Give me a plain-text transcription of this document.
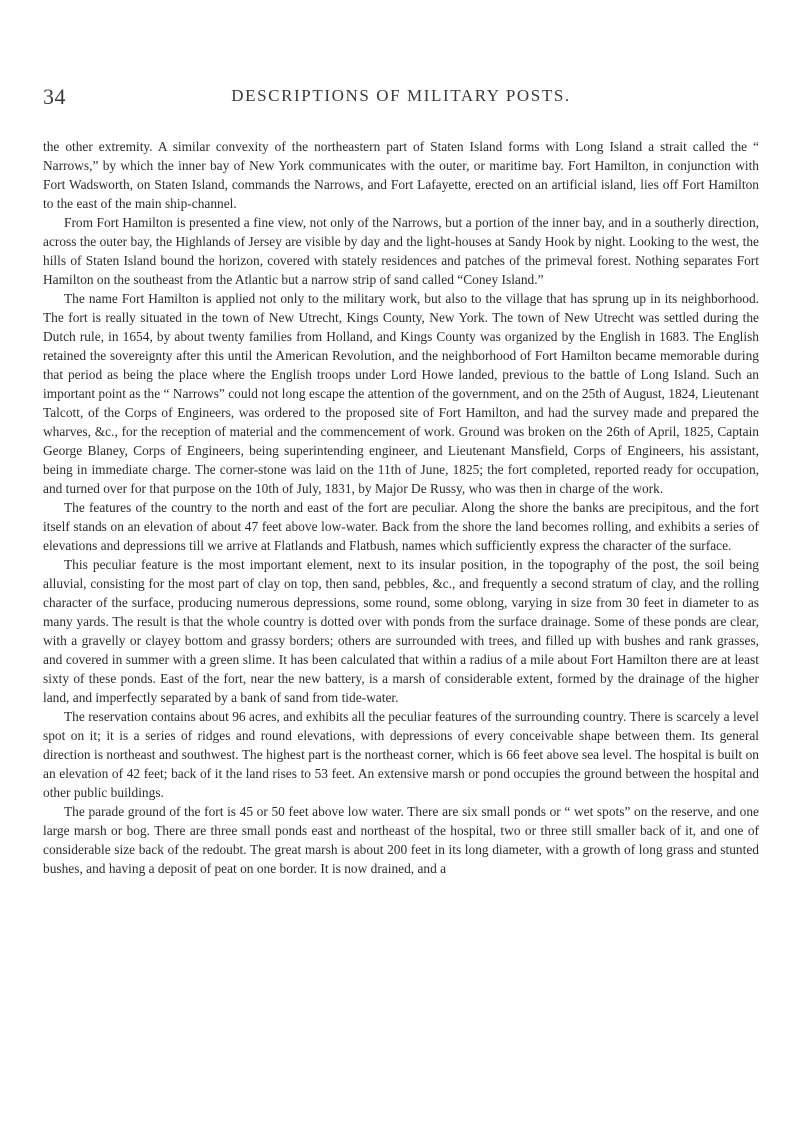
34	DESCRIPTIONS OF MILITARY POSTS.

the other extremity. A similar convexity of the northeastern part of Staten Island forms with Long Island a strait called the “ Narrows,” by which the inner bay of New York communicates with the outer, or maritime bay. Fort Hamilton, in conjunction with Fort Wadsworth, on Staten Island, commands the Narrows, and Fort Lafayette, erected on an artificial island, lies off Fort Hamilton to the east of the main ship-channel.

From Fort Hamilton is presented a fine view, not only of the Narrows, but a portion of the inner bay, and in a southerly direction, across the outer bay, the Highlands of Jersey are visible by day and the light-houses at Sandy Hook by night. Looking to the west, the hills of Staten Island bound the horizon, covered with stately residences and patches of the primeval forest. Nothing separates Fort Hamilton on the southeast from the Atlantic but a narrow strip of sand called “Coney Island.”

The name Fort Hamilton is applied not only to the military work, but also to the village that has sprung up in its neighborhood. The fort is really situated in the town of New Utrecht, Kings County, New York. The town of New Utrecht was settled during the Dutch rule, in 1654, by about twenty families from Holland, and Kings County was organized by the English in 1683. The English retained the sovereignty after this until the American Revolution, and the neighborhood of Fort Hamilton became memorable during that period as being the place where the English troops under Lord Howe landed, previous to the battle of Long Island. Such an important point as the “ Narrows” could not long escape the attention of the government, and on the 25th of August, 1824, Lieutenant Talcott, of the Corps of Engineers, was ordered to the proposed site of Fort Hamilton, and had the survey made and prepared the wharves, &c., for the reception of material and the commencement of work. Ground was broken on the 26th of April, 1825, Captain George Blaney, Corps of Engineers, being superintending engineer, and Lieutenant Mansfield, Corps of Engineers, his assistant, being in immediate charge. The corner-stone was laid on the 11th of June, 1825; the fort completed, reported ready for occupation, and turned over for that purpose on the 10th of July, 1831, by Major De Russy, who was then in charge of the work.

The features of the country to the north and east of the fort are peculiar. Along the shore the banks are precipitous, and the fort itself stands on an elevation of about 47 feet above low-water. Back from the shore the land becomes rolling, and exhibits a series of elevations and depressions till we arrive at Flatlands and Flatbush, names which sufficiently express the character of the surface.

This peculiar feature is the most important element, next to its insular position, in the topography of the post, the soil being alluvial, consisting for the most part of clay on top, then sand, pebbles, &c., and frequently a second stratum of clay, and the rolling character of the surface, producing numerous depressions, some round, some oblong, varying in size from 30 feet in diameter to as many yards. The result is that the whole country is dotted over with ponds from the surface drainage. Some of these ponds are clear, with a gravelly or clayey bottom and grassy borders; others are surrounded with trees, and filled up with bushes and rank grasses, and covered in summer with a green slime. It has been calculated that within a radius of a mile about Fort Hamilton there are at least sixty of these ponds. East of the fort, near the new battery, is a marsh of considerable extent, formed by the drainage of the higher land, and imperfectly separated by a bank of sand from tide-water.

The reservation contains about 96 acres, and exhibits all the peculiar features of the surrounding country. There is scarcely a level spot on it; it is a series of ridges and round elevations, with depressions of every conceivable shape between them. Its general direction is northeast and southwest. The highest part is the northeast corner, which is 66 feet above sea level. The hospital is built on an elevation of 42 feet; back of it the land rises to 53 feet. An extensive marsh or pond occupies the ground between the hospital and other public buildings.

The parade ground of the fort is 45 or 50 feet above low water. There are six small ponds or “ wet spots” on the reserve, and one large marsh or bog. There are three small ponds east and northeast of the hospital, two or three still smaller back of it, and one of considerable size back of the redoubt. The great marsh is about 200 feet in its long diameter, with a growth of long grass and stunted bushes, and having a deposit of peat on one border. It is now drained, and a
